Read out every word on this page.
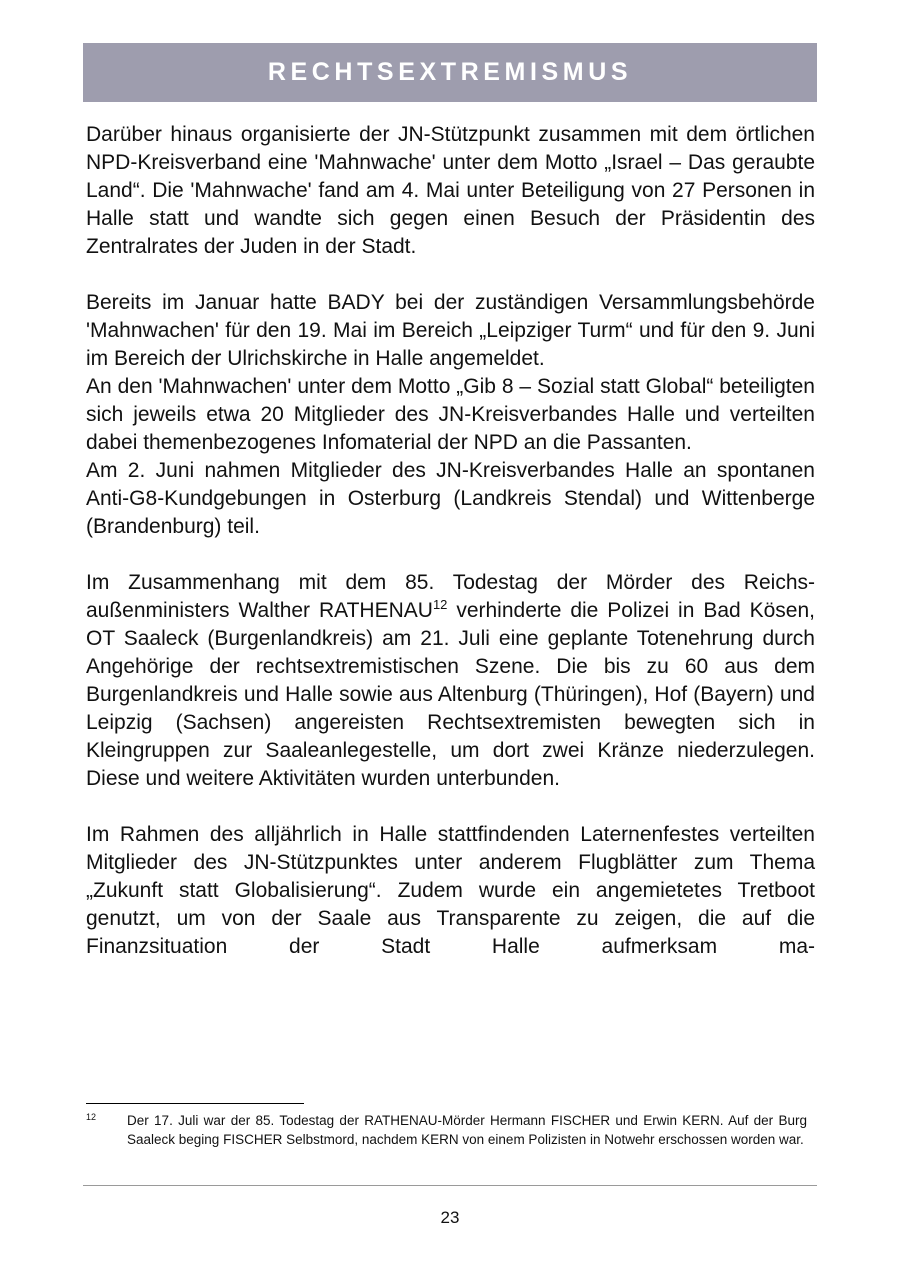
RECHTSEXTREMISMUS

Darüber hinaus organisierte der JN-Stützpunkt zusammen mit dem örtlichen NPD-Kreisverband eine 'Mahnwache' unter dem Motto „Israel – Das geraubte Land“. Die 'Mahnwache' fand am 4. Mai unter Beteiligung von 27 Personen in Halle statt und wandte sich gegen einen Besuch der Präsidentin des Zentralrates der Juden in der Stadt.

Bereits im Januar hatte BADY bei der zuständigen Versammlungsbehörde 'Mahnwachen' für den 19. Mai im Bereich „Leipziger Turm“ und für den 9. Juni im Bereich der Ulrichskirche in Halle angemeldet.

An den 'Mahnwachen' unter dem Motto „Gib 8 – Sozial statt Global“ beteiligten sich jeweils etwa 20 Mitglieder des JN-Kreisverbandes Halle und verteilten dabei themenbezogenes Infomaterial der NPD an die Passanten.

Am 2. Juni nahmen Mitglieder des JN-Kreisverbandes Halle an spontanen Anti-G8-Kundgebungen in Osterburg (Landkreis Stendal) und Wittenberge (Brandenburg) teil.

Im Zusammenhang mit dem 85. Todestag der Mörder des Reichsaußenministers Walther RATHENAU$^{12}$ verhinderte die Polizei in Bad Kösen, OT Saaleck (Burgenlandkreis) am 21. Juli eine geplante Totenehrung durch Angehörige der rechtsextremistischen Szene. Die bis zu 60 aus dem Burgenlandkreis und Halle sowie aus Altenburg (Thüringen), Hof (Bayern) und Leipzig (Sachsen) angereisten Rechtsextremisten bewegten sich in Kleingruppen zur Saaleanlegestelle, um dort zwei Kränze niederzulegen. Diese und weitere Aktivitäten wurden unterbunden.

Im Rahmen des alljährlich in Halle stattfindenden Laternenfestes verteilten Mitglieder des JN-Stützpunktes unter anderem Flugblätter zum Thema „Zukunft statt Globalisierung“. Zudem wurde ein angemietetes Tretboot genutzt, um von der Saale aus Transparente zu zeigen, die auf die Finanzsituation der Stadt Halle aufmerksam ma-

12 Der 17. Juli war der 85. Todestag der RATHENAU-Mörder Hermann FISCHER und Erwin KERN. Auf der Burg Saaleck beging FISCHER Selbstmord, nachdem KERN von einem Polizisten in Notwehr erschossen worden war.
23
